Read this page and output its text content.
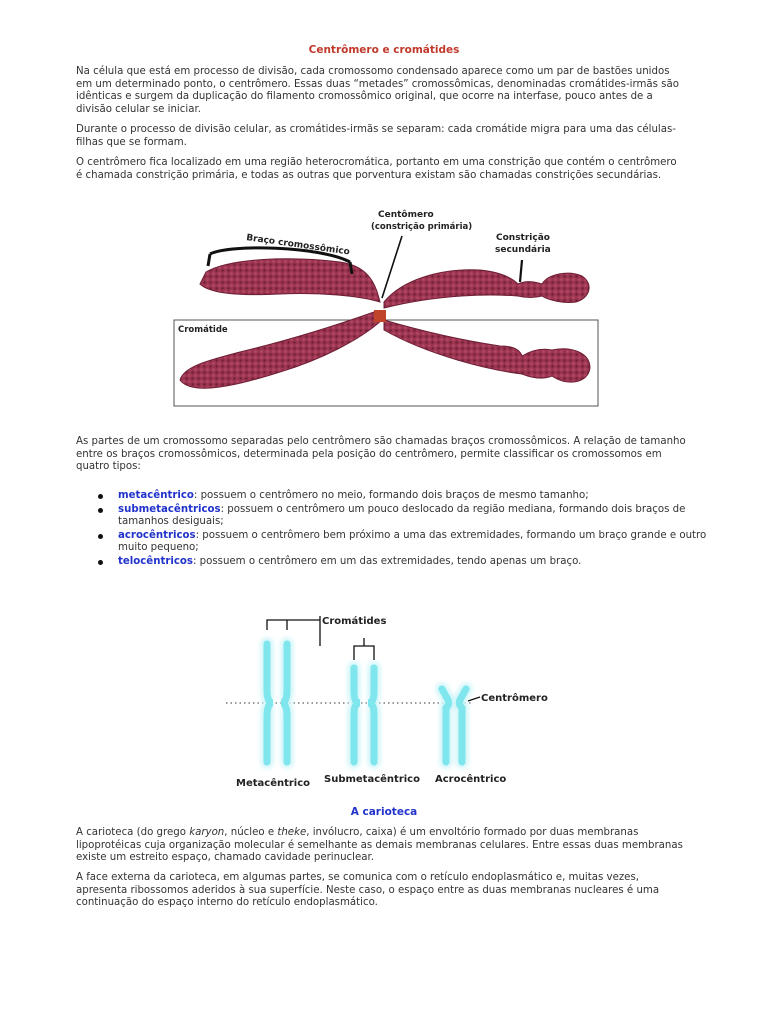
Centrômero e cromátides

Na célula que está em processo de divisão, cada cromossomo condensado aparece como um par de bastões unidos em um determinado ponto, o centrômero. Essas duas “metades” cromossômicas, denominadas cromátides-irmãs são idênticas e surgem da duplicação do filamento cromossômico original, que ocorre na interfase, pouco antes de a divisão celular se iniciar.

Durante o processo de divisão celular, as cromátides-irmãs se separam: cada cromátide migra para uma das células-filhas que se formam.

O centrômero fica localizado em uma região heterocromática, portanto em uma constrição que contém o centrômero é chamada constrição primária, e todas as outras que porventura existam são chamadas constrições secundárias.

Braço cromossômico
Centômero
(constrição primária)
Constrição
secundária
Cromátide

As partes de um cromossomo separadas pelo centrômero são chamadas braços cromossômicos. A relação de tamanho entre os braços cromossômicos, determinada pela posição do centrômero, permite classificar os cromossomos em quatro tipos:

metacêntrico: possuem o centrômero no meio, formando dois braços de mesmo tamanho;
submetacêntricos: possuem o centrômero um pouco deslocado da região mediana, formando dois braços de tamanhos desiguais;
acrocêntricos: possuem o centrômero bem próximo a uma das extremidades, formando um braço grande e outro muito pequeno;
telocêntricos: possuem o centrômero em um das extremidades, tendo apenas um braço.
Cromátides
Centrômero
Metacêntrico Submetacêntrico Acrocêntrico
A carioteca

A carioteca (do grego karyon, núcleo e theke, invólucro, caixa) é um envoltório formado por duas membranas lipoprotéicas cuja organização molecular é semelhante as demais membranas celulares. Entre essas duas membranas existe um estreito espaço, chamado cavidade perinuclear.

A face externa da carioteca, em algumas partes, se comunica com o retículo endoplasmático e, muitas vezes, apresenta ribossomos aderidos à sua superfície. Neste caso, o espaço entre as duas membranas nucleares é uma continuação do espaço interno do retículo endoplasmático.
